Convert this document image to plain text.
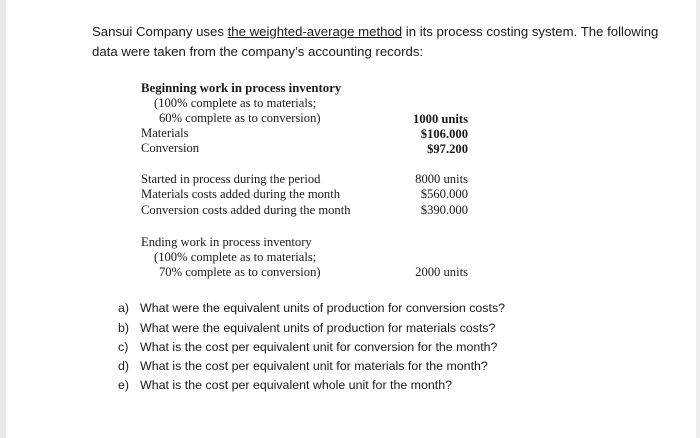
Sansui Company uses the weighted-average method in its process costing system. The following data were taken from the company’s accounting records:
Beginning work in process inventory
(100% complete as to materials;
60% complete as to conversion)	1000 units
Materials	$106.000
Conversion	$97.200
Started in process during the period	8000 units
Materials costs added during the month	$560.000
Conversion costs added during the month	$390.000
Ending work in process inventory
(100% complete as to materials;
70% complete as to conversion)	2000 units
a) What were the equivalent units of production for conversion costs?
b) What were the equivalent units of production for materials costs?
c) What is the cost per equivalent unit for conversion for the month?
d) What is the cost per equivalent unit for materials for the month?
e) What is the cost per equivalent whole unit for the month?
